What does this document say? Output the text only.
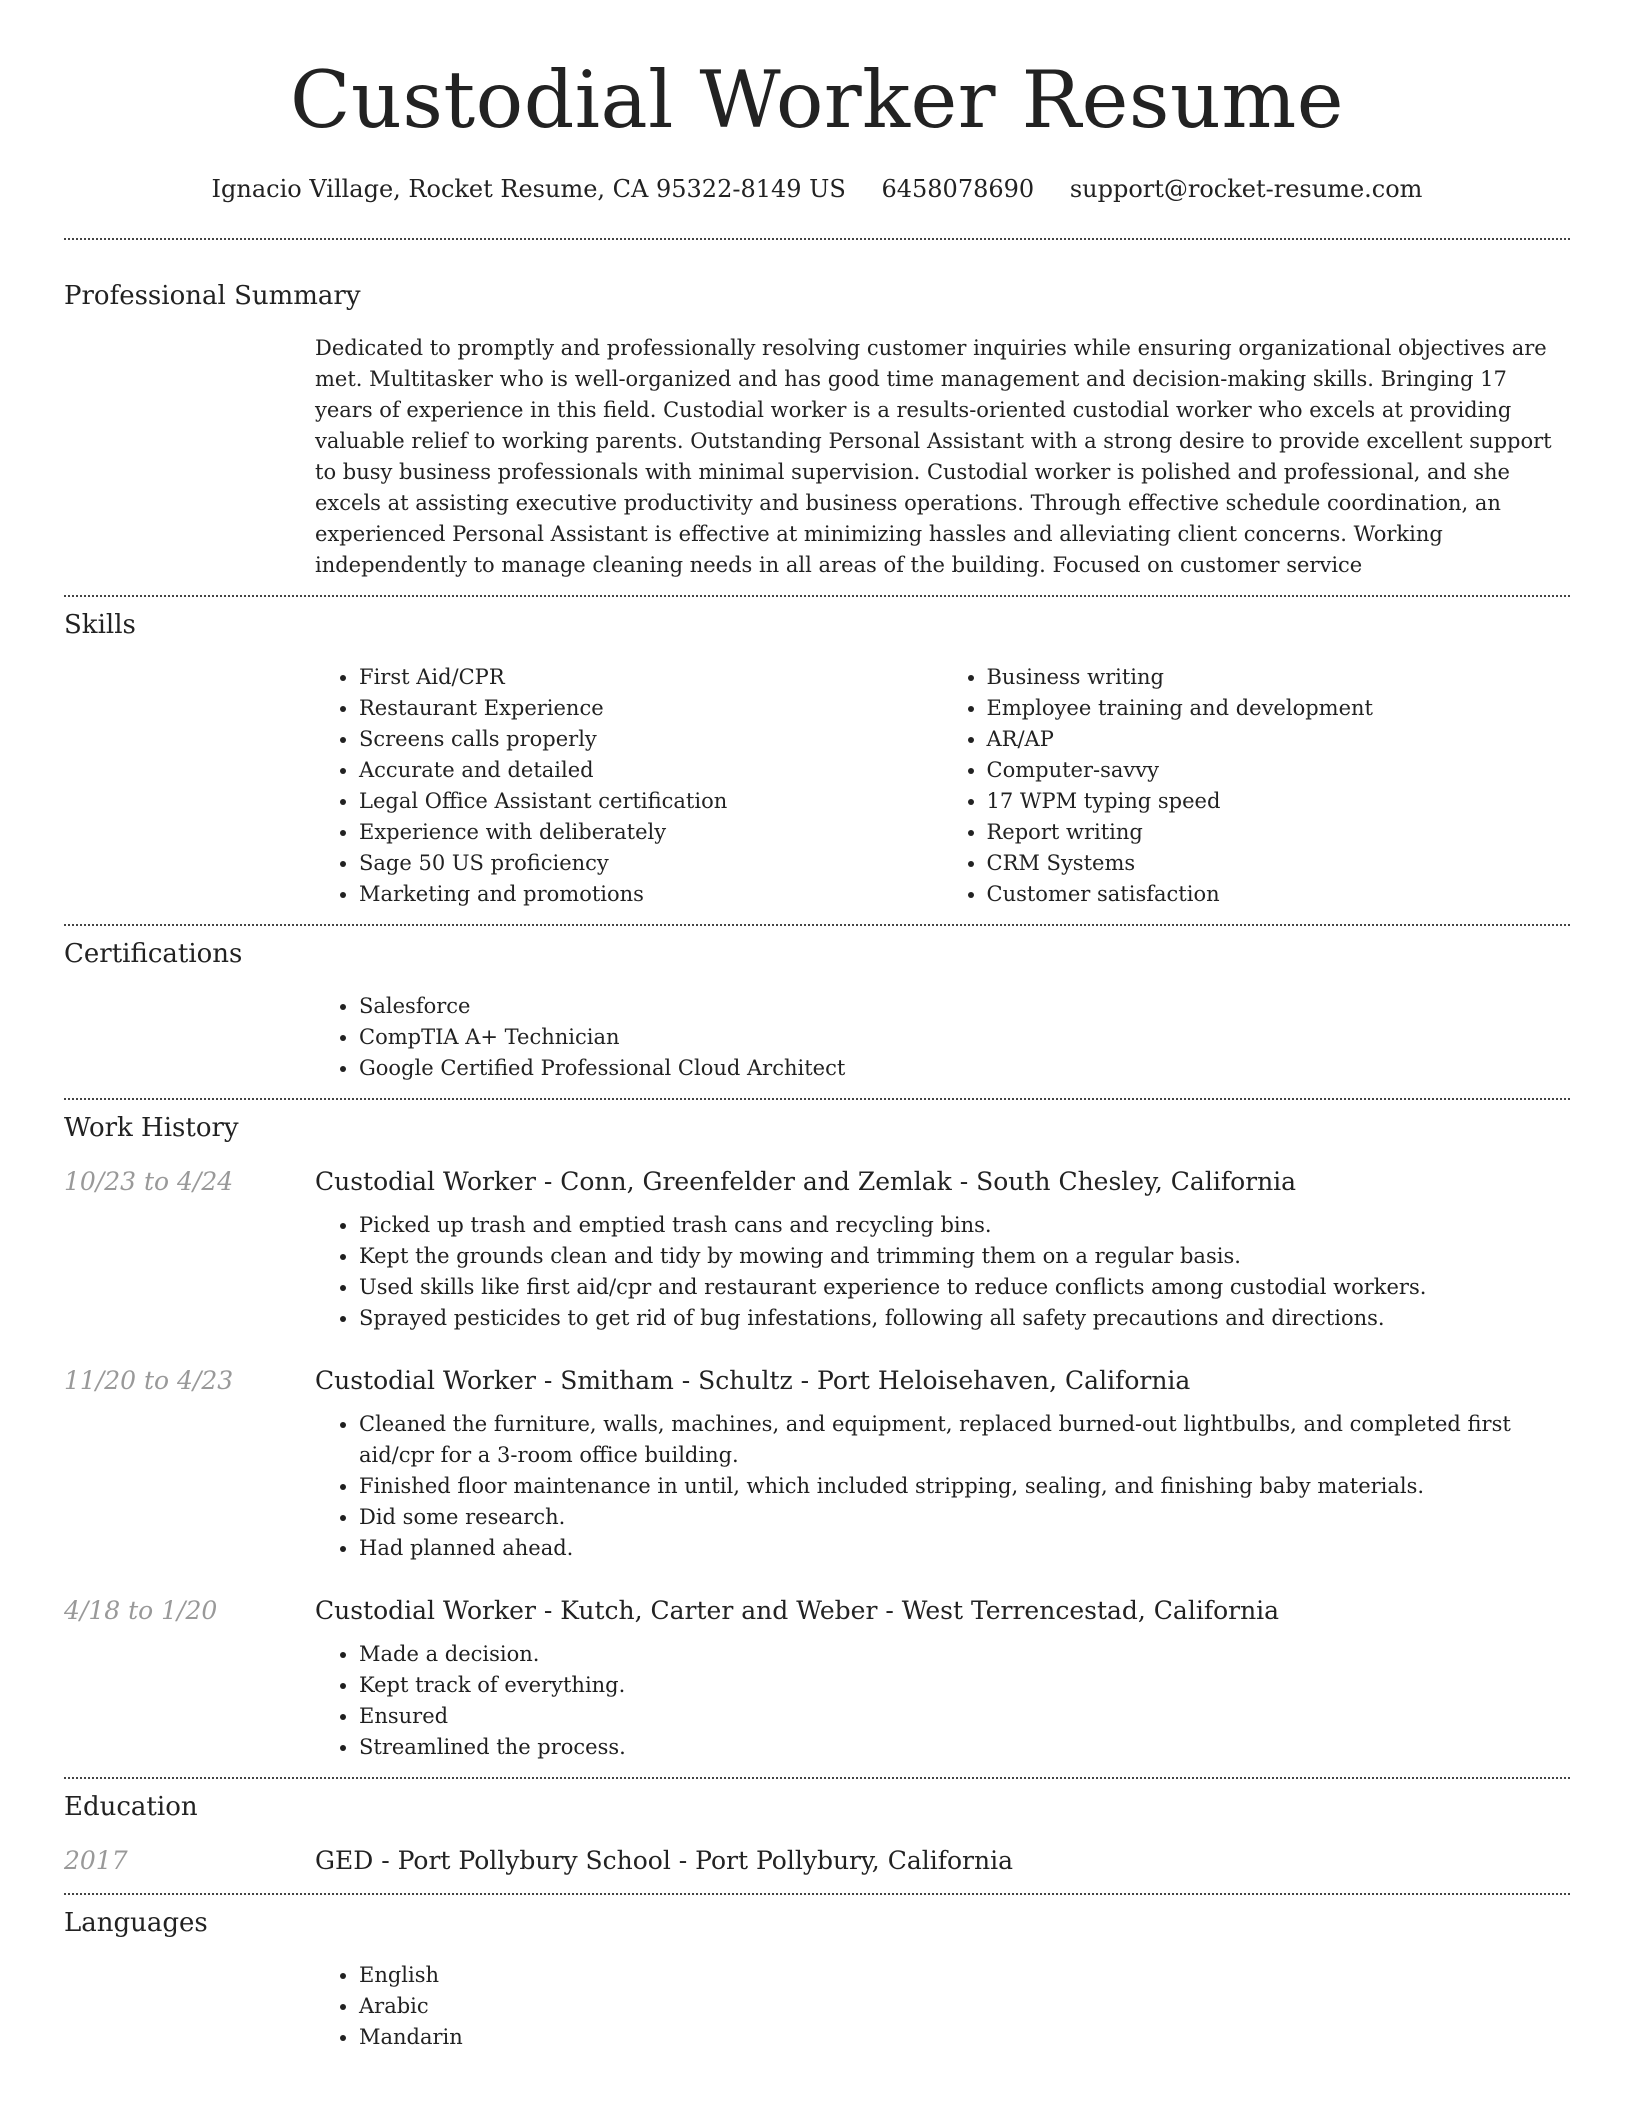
Custodial Worker Resume
Ignacio Village, Rocket Resume, CA 95322-8149 US 6458078690 support@rocket-resume.com
Professional Summary
Dedicated to promptly and professionally resolving customer inquiries while ensuring organizational objectives are met. Multitasker who is well-organized and has good time management and decision-making skills. Bringing 17 years of experience in this field. Custodial worker is a results-oriented custodial worker who excels at providing valuable relief to working parents. Outstanding Personal Assistant with a strong desire to provide excellent support to busy business professionals with minimal supervision. Custodial worker is polished and professional, and she excels at assisting executive productivity and business operations. Through effective schedule coordination, an experienced Personal Assistant is effective at minimizing hassles and alleviating client concerns. Working independently to manage cleaning needs in all areas of the building. Focused on customer service
Skills
• First Aid/CPR
• Restaurant Experience
• Screens calls properly
• Accurate and detailed
• Legal Office Assistant certification
• Experience with deliberately
• Sage 50 US proficiency
• Marketing and promotions
• Business writing
• Employee training and development
• AR/AP
• Computer-savvy
• 17 WPM typing speed
• Report writing
• CRM Systems
• Customer satisfaction
Certifications
• Salesforce
• CompTIA A+ Technician
• Google Certified Professional Cloud Architect
Work History
10/23 to 4/24	Custodial Worker - Conn, Greenfelder and Zemlak - South Chesley, California
• Picked up trash and emptied trash cans and recycling bins.
• Kept the grounds clean and tidy by mowing and trimming them on a regular basis.
• Used skills like first aid/cpr and restaurant experience to reduce conflicts among custodial workers.
• Sprayed pesticides to get rid of bug infestations, following all safety precautions and directions.
11/20 to 4/23	Custodial Worker - Smitham - Schultz - Port Heloisehaven, California
• Cleaned the furniture, walls, machines, and equipment, replaced burned-out lightbulbs, and completed first aid/cpr for a 3-room office building.
• Finished floor maintenance in until, which included stripping, sealing, and finishing baby materials.
• Did some research.
• Had planned ahead.
4/18 to 1/20	Custodial Worker - Kutch, Carter and Weber - West Terrencestad, California
• Made a decision.
• Kept track of everything.
• Ensured
• Streamlined the process.
Education
2017	GED - Port Pollybury School - Port Pollybury, California
Languages
• English
• Arabic
• Mandarin
